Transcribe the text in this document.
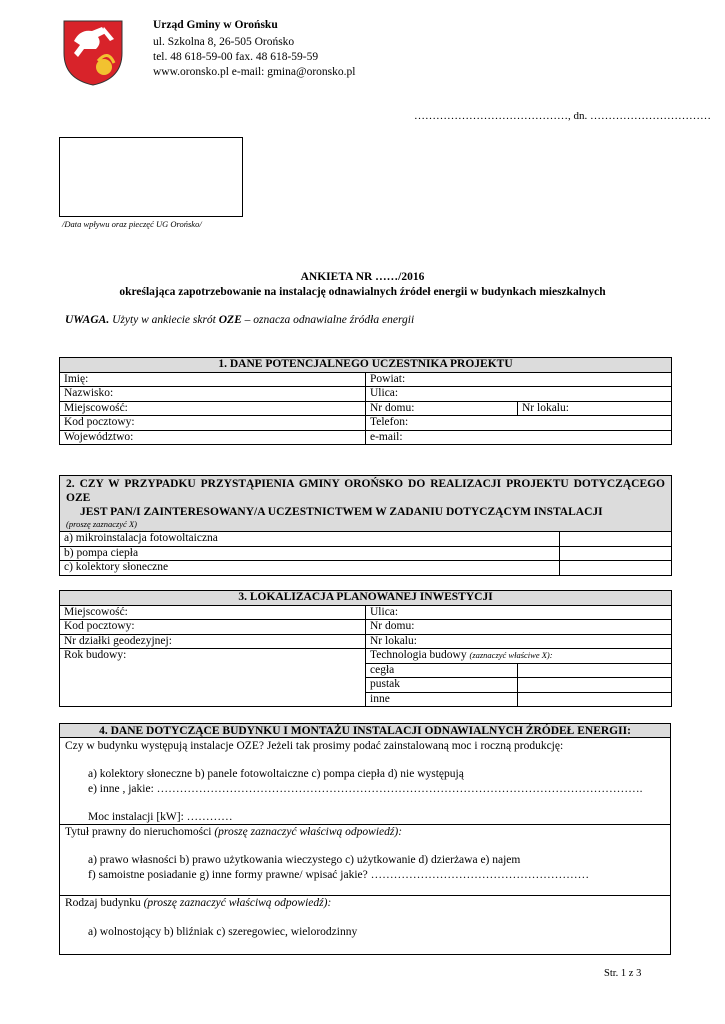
Urząd Gminy w Orońsku
ul. Szkolna 8, 26-505 Orońsko
tel. 48 618-59-00 fax. 48 618-59-59
www.oronsko.pl e-mail: gmina@oronsko.pl
……………………………………, dn. ……………………………
/Data wpływu oraz pieczęć UG Orońsko/
ANKIETA NR ……/2016
określająca zapotrzebowanie na instalację odnawialnych źródeł energii w budynkach mieszkalnych
UWAGA. Użyty w ankiecie skrót OZE – oznacza odnawialne źródła energii
1. DANE POTENCJALNEGO UCZESTNIKA PROJEKTU		
Imię:	Powiat:	
Nazwisko:	Ulica:	
Miejscowość:	Nr domu:	Nr lokalu:
Kod pocztowy:	Telefon:	
Województwo:	e-mail:	
2. CZY W PRZYPADKU PRZYSTĄPIENIA GMINY OROŃSKO DO REALIZACJI PROJEKTU DOTYCZĄCEGO OZE
JEST PAN/I ZAINTERESOWANY/A UCZESTNICTWEM W ZADANIU DOTYCZĄCYM INSTALACJI
(proszę zaznaczyć X)	

a) mikroinstalacja fotowoltaiczna	
b) pompa ciepła	
c) kolektory słoneczne	
3. LOKALIZACJA PLANOWANEJ INWESTYCJI		
Miejscowość:	Ulica:	
Kod pocztowy:	Nr domu:	
Nr działki geodezyjnej:	Nr lokalu:	
Rok budowy:	Technologia budowy (zaznaczyć właściwe X):	
	cegła	
	pustak	
	inne	
4. DANE DOTYCZĄCE BUDYNKU I MONTAŻU INSTALACJI ODNAWIALNYCH ŹRÓDEŁ ENERGII:
Czy w budynku występują instalacje OZE? Jeżeli tak prosimy podać zainstalowaną moc i roczną produkcję:
a) kolektory słoneczne b) panele fotowoltaiczne c) pompa ciepła d) nie występują
e) inne , jakie: ……………………………………………………………………………………………………………….
Moc instalacji [kW]: …………
Tytuł prawny do nieruchomości (proszę zaznaczyć właściwą odpowiedź):
a) prawo własności b) prawo użytkowania wieczystego c) użytkowanie d) dzierżawa e) najem
f) samoistne posiadanie g) inne formy prawne/ wpisać jakie? …………………………………………………
Rodzaj budynku (proszę zaznaczyć właściwą odpowiedź):
a) wolnostojący b) bliźniak c) szeregowiec, wielorodzinny
Str. 1 z 3
